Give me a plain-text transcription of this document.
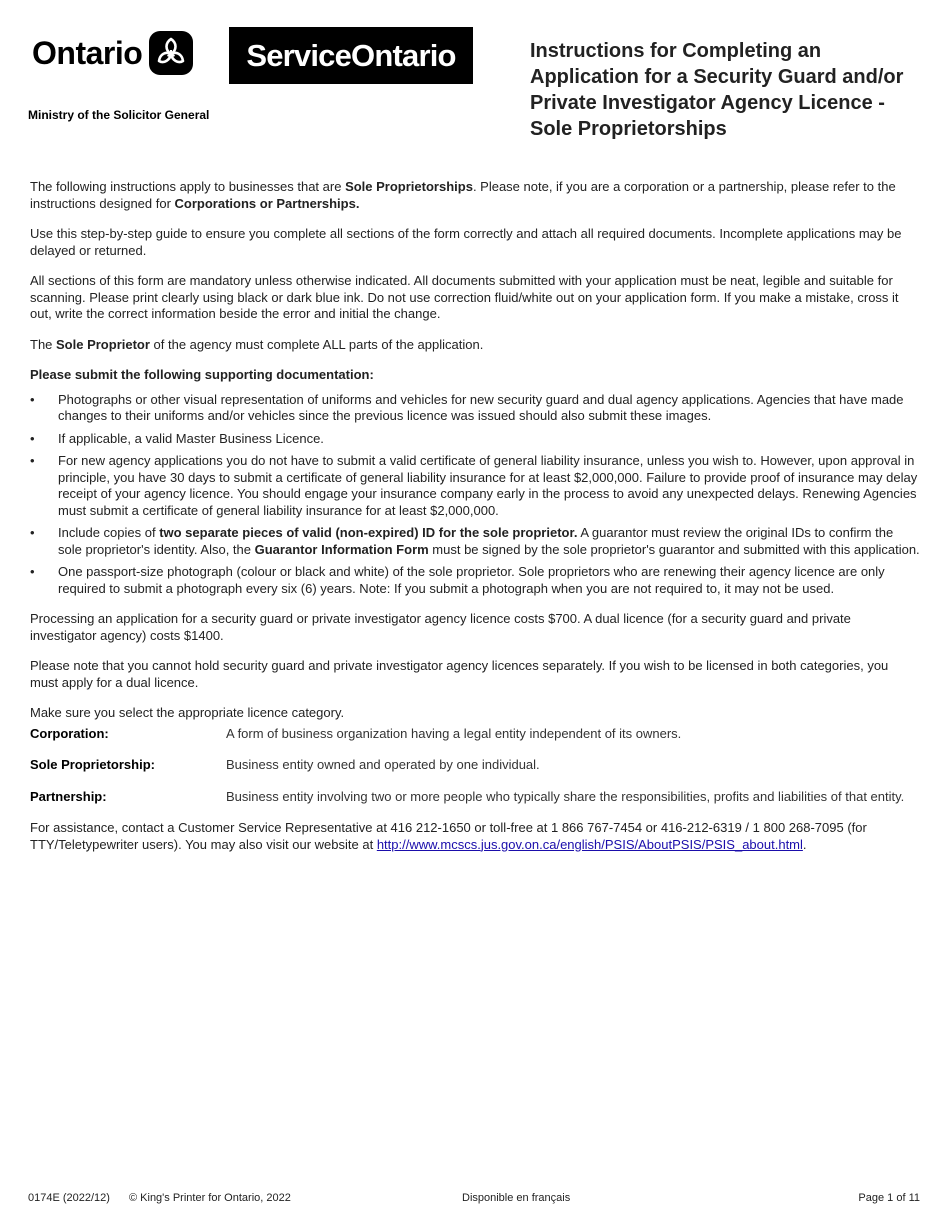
Ontario	ServiceOntario
Ministry of the Solicitor General
Instructions for Completing an Application for a Security Guard and/or Private Investigator Agency Licence - Sole Proprietorships

The following instructions apply to businesses that are Sole Proprietorships. Please note, if you are a corporation or a partnership, please refer to the instructions designed for Corporations or Partnerships.

Use this step-by-step guide to ensure you complete all sections of the form correctly and attach all required documents. Incomplete applications may be delayed or returned.

All sections of this form are mandatory unless otherwise indicated. All documents submitted with your application must be neat, legible and suitable for scanning. Please print clearly using black or dark blue ink. Do not use correction fluid/white out on your application form. If you make a mistake, cross it out, write the correct information beside the error and initial the change.

The Sole Proprietor of the agency must complete ALL parts of the application.

Please submit the following supporting documentation:

• Photographs or other visual representation of uniforms and vehicles for new security guard and dual agency applications. Agencies that have made changes to their uniforms and/or vehicles since the previous licence was issued should also submit these images.
• If applicable, a valid Master Business Licence.
• For new agency applications you do not have to submit a valid certificate of general liability insurance, unless you wish to. However, upon approval in principle, you have 30 days to submit a certificate of general liability insurance for at least $2,000,000. Failure to provide proof of insurance may delay receipt of your agency licence. You should engage your insurance company early in the process to avoid any unexpected delays. Renewing Agencies must submit a certificate of general liability insurance for at least $2,000,000.
• Include copies of two separate pieces of valid (non-expired) ID for the sole proprietor. A guarantor must review the original IDs to confirm the sole proprietor's identity. Also, the Guarantor Information Form must be signed by the sole proprietor's guarantor and submitted with this application.
• One passport-size photograph (colour or black and white) of the sole proprietor. Sole proprietors who are renewing their agency licence are only required to submit a photograph every six (6) years. Note: If you submit a photograph when you are not required to, it may not be used.

Processing an application for a security guard or private investigator agency licence costs $700. A dual licence (for a security guard and private investigator agency) costs $1400.

Please note that you cannot hold security guard and private investigator agency licences separately. If you wish to be licensed in both categories, you must apply for a dual licence.

Make sure you select the appropriate licence category.

Corporation:	A form of business organization having a legal entity independent of its owners.
Sole Proprietorship:	Business entity owned and operated by one individual.
Partnership:	Business entity involving two or more people who typically share the responsibilities, profits and liabilities of that entity.

For assistance, contact a Customer Service Representative at 416 212-1650 or toll-free at 1 866 767-7454 or 416-212-6319 / 1 800 268-7095 (for TTY/Teletypewriter users). You may also visit our website at http://www.mcscs.jus.gov.on.ca/english/PSIS/AboutPSIS/PSIS_about.html.

0174E (2022/12) © King's Printer for Ontario, 2022	Disponible en français	Page 1 of 11
